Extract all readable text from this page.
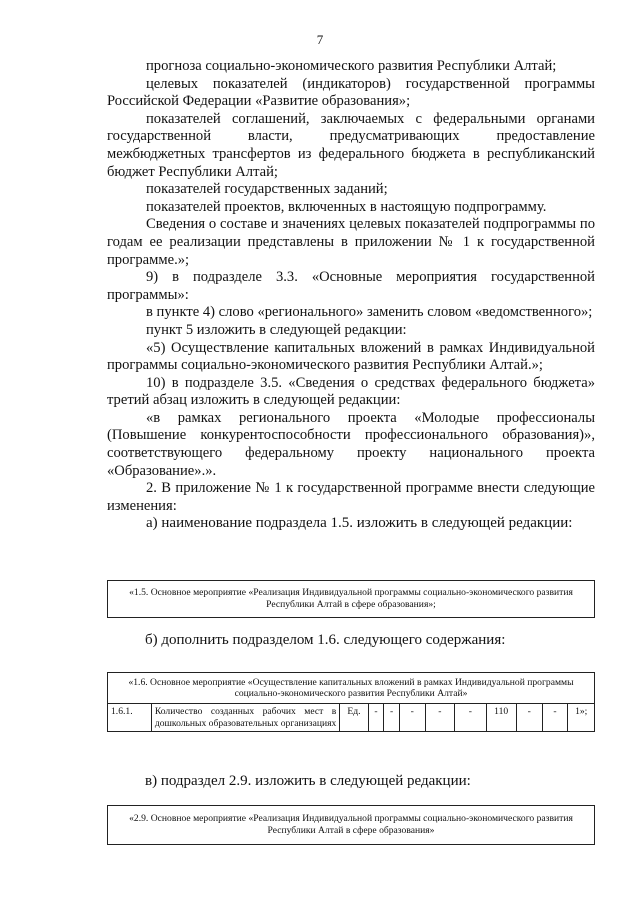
7

прогноза социально-экономического развития Республики Алтай;

целевых показателей (индикаторов) государственной программы Российской Федерации «Развитие образования»;

показателей соглашений, заключаемых с федеральными органами государственной власти, предусматривающих предоставление межбюджетных трансфертов из федерального бюджета в республиканский бюджет Республики Алтай;

показателей государственных заданий;

показателей проектов, включенных в настоящую подпрограмму.

Сведения о составе и значениях целевых показателей подпрограммы по годам ее реализации представлены в приложении № 1 к государственной программе.»;

9) в подразделе 3.3. «Основные мероприятия государственной программы»:

в пункте 4) слово «регионального» заменить словом «ведомственного»;

пункт 5 изложить в следующей редакции:

«5) Осуществление капитальных вложений в рамках Индивидуальной программы социально-экономического развития Республики Алтай.»;

10) в подразделе 3.5. «Сведения о средствах федерального бюджета» третий абзац изложить в следующей редакции:

«в рамках регионального проекта «Молодые профессионалы (Повышение конкурентоспособности профессионального образования)», соответствующего федеральному проекту национального проекта «Образование».».

2. В приложение № 1 к государственной программе внести следующие изменения:

а) наименование подраздела 1.5. изложить в следующей редакции:

«1.5. Основное мероприятие «Реализация Индивидуальной программы социально-экономического развития Республики Алтай в сфере образования»;
б) дополнить подразделом 1.6. следующего содержания:
«1.6. Основное мероприятие «Осуществление капитальных вложений в рамках Индивидуальной программы социально-экономического развития Республики Алтай»
1.6.1.	Количество созданных рабочих мест в дошкольных образовательных организациях	Ед.	-	-	-	-	-	110	-	-	1»;
в) подраздел 2.9. изложить в следующей редакции:
«2.9. Основное мероприятие «Реализация Индивидуальной программы социально-экономического развития Республики Алтай в сфере образования»
